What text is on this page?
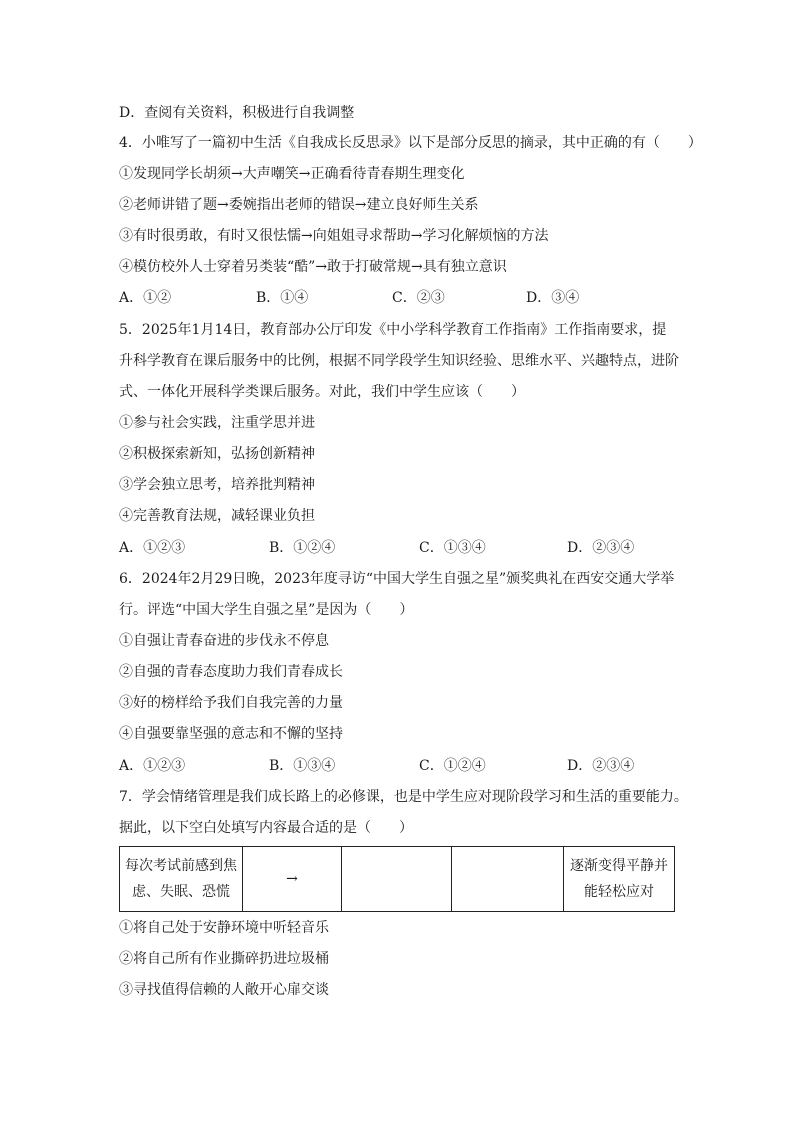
D．查阅有关资料，积极进行自我调整
4．小唯写了一篇初中生活《自我成长反思录》以下是部分反思的摘录，其中正确的有（　　）
①发现同学长胡须→大声嘲笑→正确看待青春期生理变化
②老师讲错了题→委婉指出老师的错误→建立良好师生关系
③有时很勇敢，有时又很怯懦→向姐姐寻求帮助→学习化解烦恼的方法
④模仿校外人士穿着另类装“酷”→敢于打破常规→具有独立意识
A．①②	B．①④	C．②③	D．③④
5．2025年1月14日，教育部办公厅印发《中小学科学教育工作指南》工作指南要求，提
升科学教育在课后服务中的比例，根据不同学段学生知识经验、思维水平、兴趣特点，进阶
式、一体化开展科学类课后服务。对此，我们中学生应该（　　）
①参与社会实践，注重学思并进
②积极探索新知，弘扬创新精神
③学会独立思考，培养批判精神
④完善教育法规，减轻课业负担
A．①②③	B．①②④	C．①③④	D．②③④
6．2024年2月29日晚，2023年度寻访“中国大学生自强之星”颁奖典礼在西安交通大学举
行。评选“中国大学生自强之星”是因为（　　）
①自强让青春奋进的步伐永不停息
②自强的青春态度助力我们青春成长
③好的榜样给予我们自我完善的力量
④自强要靠坚强的意志和不懈的坚持
A．①②③	B．①③④	C．①②④	D．②③④
7．学会情绪管理是我们成长路上的必修课，也是中学生应对现阶段学习和生活的重要能力。
据此，以下空白处填写内容最合适的是（　　）
每次考试前感到焦虑、失眠、恐慌	→			逐渐变得平静并能轻松应对
①将自己处于安静环境中听轻音乐
②将自己所有作业撕碎扔进垃圾桶
③寻找值得信赖的人敞开心扉交谈
